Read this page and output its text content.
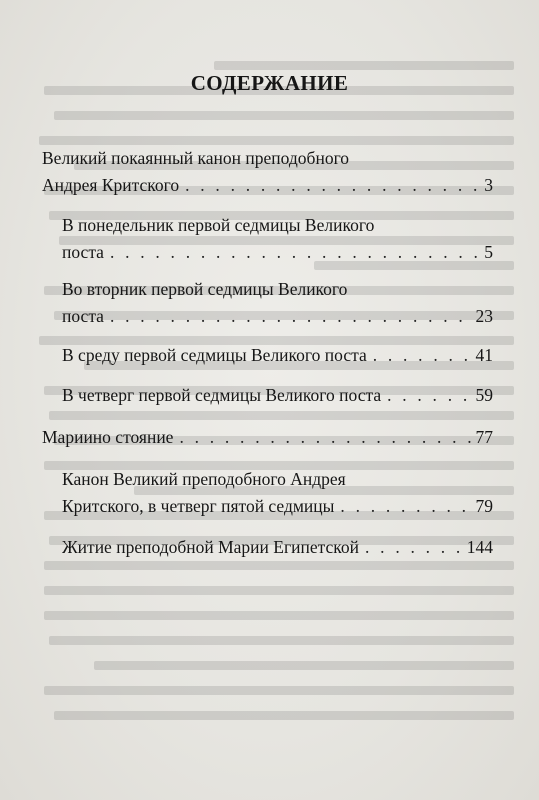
СОДЕРЖАНИЕ
Великий покаянный канон преподобного
Андрея Критского . . .	3
В понедельник первой седмицы Великого
поста . . .	5
Во вторник первой седмицы Великого
поста . . .	23
В среду первой седмицы Великого поста . . .	41
В четверг первой седмицы Великого поста . . .	59
Мариино стояние . . .	77
Канон Великий преподобного Андрея
Критского, в четверг пятой седмицы . . .	79
Житие преподобной Марии Египетской . . .	144
